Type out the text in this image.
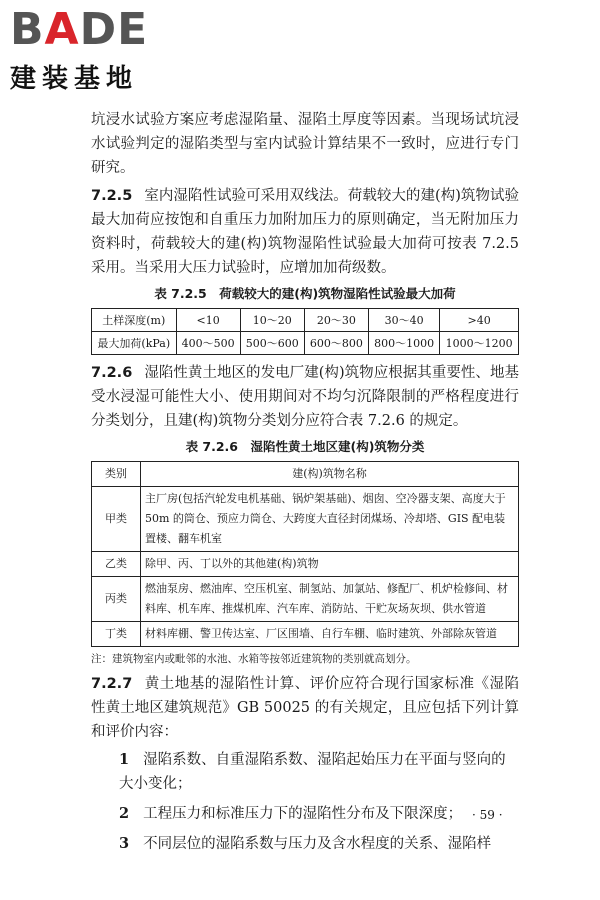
BADE
建装基地

坑浸水试验方案应考虑湿陷量、湿陷土厚度等因素。当现场试坑浸水试验判定的湿陷类型与室内试验计算结果不一致时，应进行专门研究。

7.2.5 室内湿陷性试验可采用双线法。荷载较大的建(构)筑物试验最大加荷应按饱和自重压力加附加压力的原则确定，当无附加压力资料时，荷载较大的建(构)筑物湿陷性试验最大加荷可按表 7.2.5 采用。当采用大压力试验时，应增加加荷级数。

表 7.2.5　荷载较大的建(构)筑物湿陷性试验最大加荷
土样深度(m)	<10	10～20	20～30	30～40	>40
最大加荷(kPa)	400～500	500～600	600～800	800～1000	1000～1200

7.2.6 湿陷性黄土地区的发电厂建(构)筑物应根据其重要性、地基受水浸湿可能性大小、使用期间对不均匀沉降限制的严格程度进行分类划分，且建(构)筑物分类划分应符合表 7.2.6 的规定。

表 7.2.6　湿陷性黄土地区建(构)筑物分类
类别	建(构)筑物名称
甲类	主厂房(包括汽轮发电机基础、锅炉架基础)、烟囱、空冷器支架、高度大于 50m 的筒仓、预应力筒仓、大跨度大直径封闭煤场、冷却塔、GIS 配电装置楼、翻车机室
乙类	除甲、丙、丁以外的其他建(构)筑物
丙类	燃油泵房、燃油库、空压机室、制氢站、加氯站、修配厂、机炉检修间、材料库、机车库、推煤机库、汽车库、消防站、干贮灰场灰坝、供水管道
丁类	材料库棚、警卫传达室、厂区围墙、自行车棚、临时建筑、外部除灰管道
注：建筑物室内或毗邻的水池、水箱等按邻近建筑物的类别就高划分。

7.2.7 黄土地基的湿陷性计算、评价应符合现行国家标准《湿陷性黄土地区建筑规范》GB 50025 的有关规定，且应包括下列计算和评价内容：

1 湿陷系数、自重湿陷系数、湿陷起始压力在平面与竖向的大小变化；
2 工程压力和标准压力下的湿陷性分布及下限深度；
3 不同层位的湿陷系数与压力及含水程度的关系、湿陷样
· 59 ·
